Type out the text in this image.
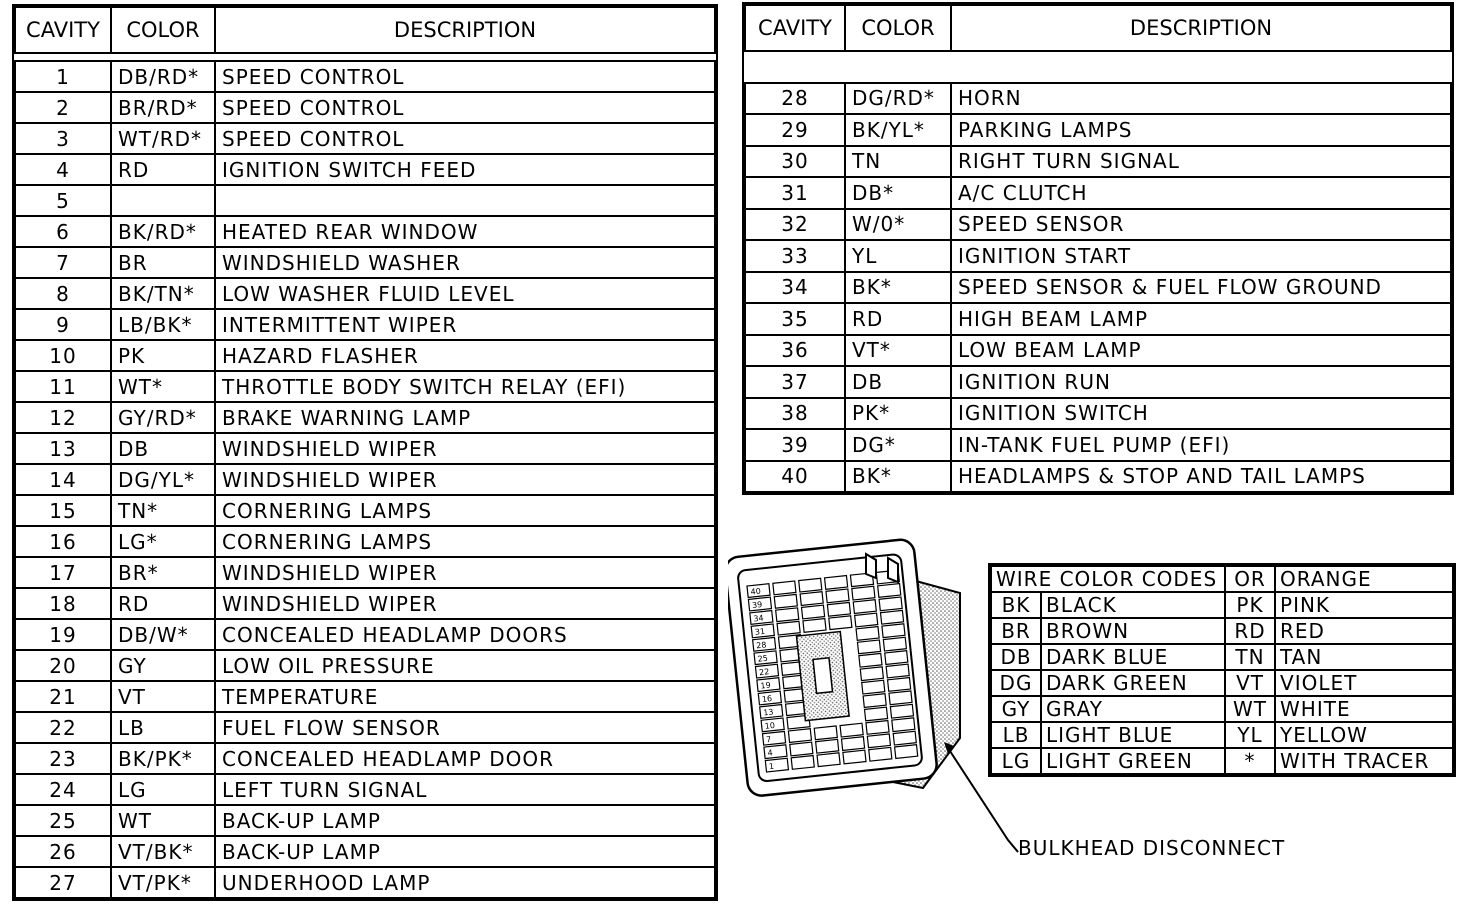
CAVITY	COLOR	DESCRIPTION

1	DB/RD*	SPEED CONTROL
2	BR/RD*	SPEED CONTROL
3	WT/RD*	SPEED CONTROL
4	RD	IGNITION SWITCH FEED
5		
6	BK/RD*	HEATED REAR WINDOW
7	BR	WINDSHIELD WASHER
8	BK/TN*	LOW WASHER FLUID LEVEL
9	LB/BK*	INTERMITTENT WIPER
10	PK	HAZARD FLASHER
11	WT*	THROTTLE BODY SWITCH RELAY (EFI)
12	GY/RD*	BRAKE WARNING LAMP
13	DB	WINDSHIELD WIPER
14	DG/YL*	WINDSHIELD WIPER
15	TN*	CORNERING LAMPS
16	LG*	CORNERING LAMPS
17	BR*	WINDSHIELD WIPER
18	RD	WINDSHIELD WIPER
19	DB/W*	CONCEALED HEADLAMP DOORS
20	GY	LOW OIL PRESSURE
21	VT	TEMPERATURE
22	LB	FUEL FLOW SENSOR
23	BK/PK*	CONCEALED HEADLAMP DOOR
24	LG	LEFT TURN SIGNAL
25	WT	BACK-UP LAMP
26	VT/BK*	BACK-UP LAMP
27	VT/PK*	UNDERHOOD LAMP
CAVITY	COLOR	DESCRIPTION

28	DG/RD*	HORN
29	BK/YL*	PARKING LAMPS
30	TN	RIGHT TURN SIGNAL
31	DB*	A/C CLUTCH
32	W/0*	SPEED SENSOR
33	YL	IGNITION START
34	BK*	SPEED SENSOR & FUEL FLOW GROUND
35	RD	HIGH BEAM LAMP
36	VT*	LOW BEAM LAMP
37	DB	IGNITION RUN
38	PK*	IGNITION SWITCH
39	DG*	IN-TANK FUEL PUMP (EFI)
40	BK*	HEADLAMPS & STOP AND TAIL LAMPS
40
39
34
31
28
25
22
19
16
13
10
7
4
1
BULKHEAD DISCONNECT
WIRE COLOR CODES		OR	ORANGE
BK	BLACK	PK	PINK
BR	BROWN	RD	RED
DB	DARK BLUE	TN	TAN
DG	DARK GREEN	VT	VIOLET
GY	GRAY	WT	WHITE
LB	LIGHT BLUE	YL	YELLOW
LG	LIGHT GREEN	*	WITH TRACER
